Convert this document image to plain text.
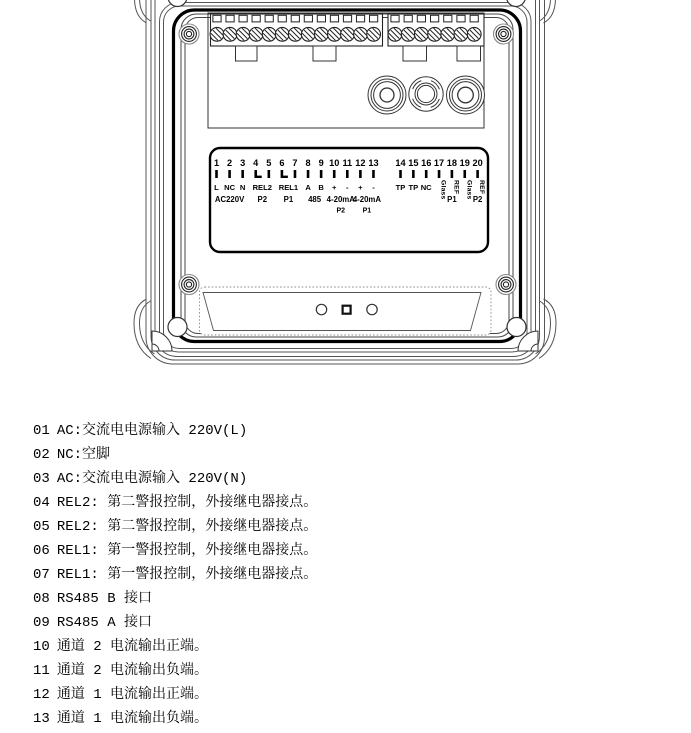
1
L
2
NC
3
N
4 5 6 7 8
A
9
B
10
+
11
-
12
+
13
-
14
TP
15
TP
16
NC
17
Glass
18
REF
19
Glass
20
REF
REL2 REL1
AC220V P2 P1 485 4-20mA
4-20mA	P1 P2
P2	P1
01 AC:交流电电源输入 220V(L)
02 NC:空脚
03 AC:交流电电源输入 220V(N)
04 REL2: 第二警报控制，外接继电器接点。
05 REL2: 第二警报控制，外接继电器接点。
06 REL1: 第一警报控制，外接继电器接点。
07 REL1: 第一警报控制，外接继电器接点。
08 RS485 B 接口
09 RS485 A 接口
10 通道 2 电流输出正端。
11 通道 2 电流输出负端。
12 通道 1 电流输出正端。
13 通道 1 电流输出负端。
